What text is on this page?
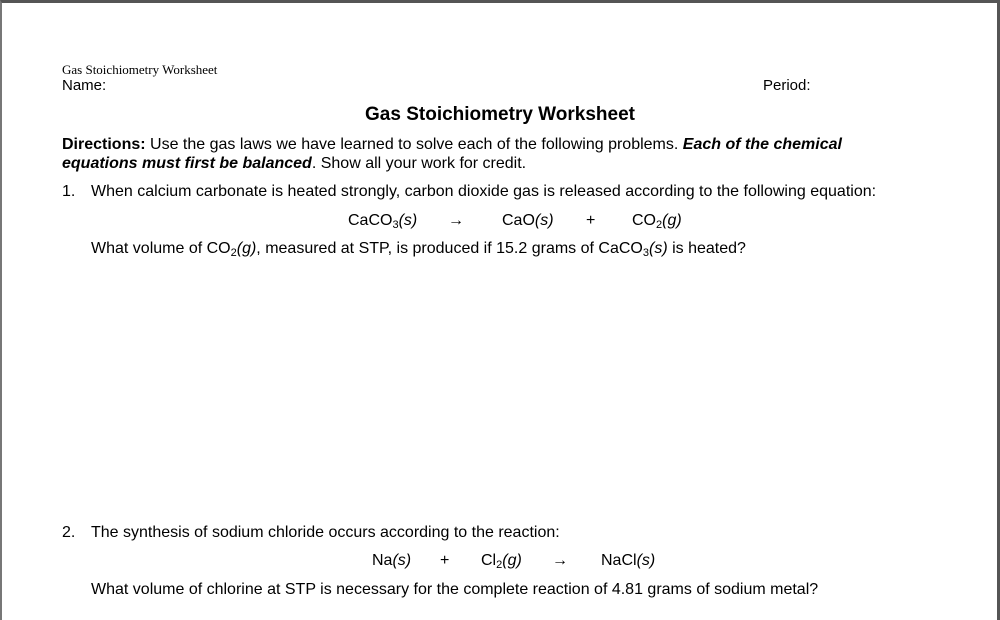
Gas Stoichiometry Worksheet
Name:	Period:
Gas Stoichiometry Worksheet
Directions: Use the gas laws we have learned to solve each of the following problems. Each of the chemical equations must first be balanced. Show all your work for credit.
1. When calcium carbonate is heated strongly, carbon dioxide gas is released according to the following equation:
CaCO$_3$(s) → $CaO(s) + CO_2(g)$
What volume of $CO_2(g)$, measured at STP, is produced if 15.2 grams of CaCO$_3$(s) is heated?
2. The synthesis of sodium chloride occurs according to the reaction:
$Na(s) + Cl_2(g)$ → NaCl(s)
What volume of chlorine at STP is necessary for the complete reaction of 4.81 grams of sodium metal?
